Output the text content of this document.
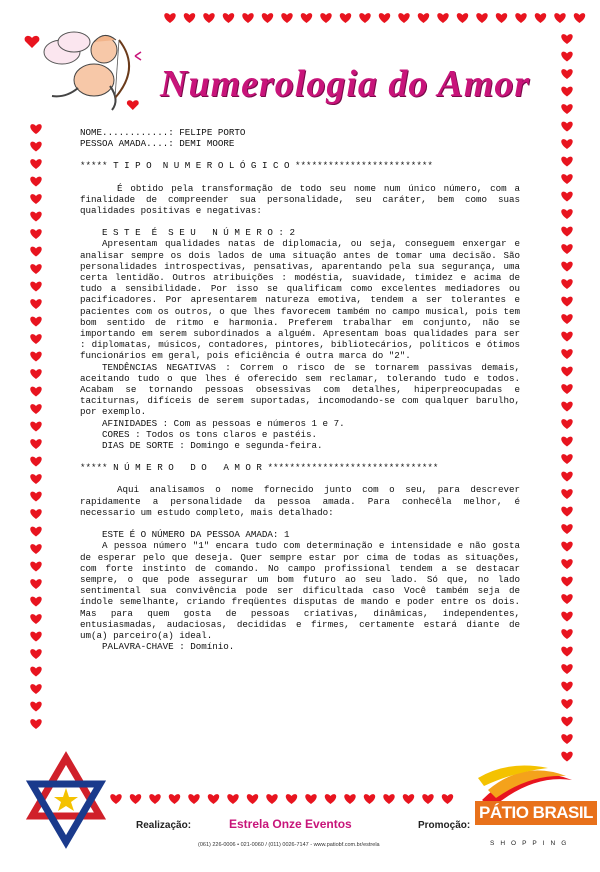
Numerologia do Amor
NOME............: FELIPE PORTO
PESSOA AMADA....: DEMI MOORE
***** T I P O  N U M E R O L Ó G I C O *************************
É obtido pela transformação de todo seu nome num único número, com a finalidade de compreender sua personalidade, seu caráter, bem como suas qualidades positivas e negativas:
E S T E  É  S E U   N Ú M E R O : 2
Apresentam qualidades natas de diplomacia, ou seja, conseguem enxergar e analisar sempre os dois lados de uma situação antes de tomar uma decisão. São personalidades introspectivas, pensativas, aparentando pela sua segurança, uma certa lentidão. Outros atribuições : modéstia, suavidade, timidez e acima de tudo a sensibilidade. Por isso se qualificam como excelentes mediadores ou pacificadores. Por apresentarem natureza emotiva, tendem a ser tolerantes e pacientes com os outros, o que lhes favorecem também no campo musical, pois tem bom sentido de ritmo e harmonia. Preferem trabalhar em conjunto, não se importando em serem subordinados a alguém. Apresentam boas qualidades para ser : diplomatas, músicos, contadores, pintores, bibliotecários, políticos e ótimos funcionários em geral, pois eficiência é outra marca do "2".
TENDÊNCIAS NEGATIVAS : Correm o risco de se tornarem passivas demais, aceitando tudo o que lhes é oferecido sem reclamar, tolerando tudo e todos. Acabam se tornando pessoas obsessivas com detalhes, hiperpreocupadas e taciturnas, difíceis de serem suportadas, incomodando-se com qualquer barulho, por exemplo.
AFINIDADES : Com as pessoas e números 1 e 7.
CORES : Todos os tons claros e pastéis.
DIAS DE SORTE : Domingo e segunda-feira.
***** N Ú M E R O   D O   A M O R *******************************
Aqui analisamos o nome fornecido junto com o seu, para descrever rapidamente a personalidade da pessoa amada. Para conhecêla melhor, é necessario um estudo completo, mais detalhado:
ESTE É O NÚMERO DA PESSOA AMADA: 1
A pessoa número "1" encara tudo com determinação e intensidade e não gosta de esperar pelo que deseja. Quer sempre estar por cima de todas as situações, com forte instinto de comando. No campo profissional tendem a se destacar sempre, o que pode assegurar um bom futuro ao seu lado. Só que, no lado sentimental sua convivência pode ser dificultada caso Você também seja de índole semelhante, criando freqüentes disputas de mando e poder entre os dois. Mas para quem gosta de pessoas criativas, dinâmicas, independentes, entusiasmadas, audaciosas, decididas e firmes, certamente estará diante de um(a) parceiro(a) ideal.
PALAVRA-CHAVE : Domínio.
Realização:	Estrela Onze Eventos	Promoção:
(061) 226-0006 • 021-0060 / (011) 0026-7147 - www.patiobf.com.br/estrela
PÁTIO BRASIL
SHOPPING
